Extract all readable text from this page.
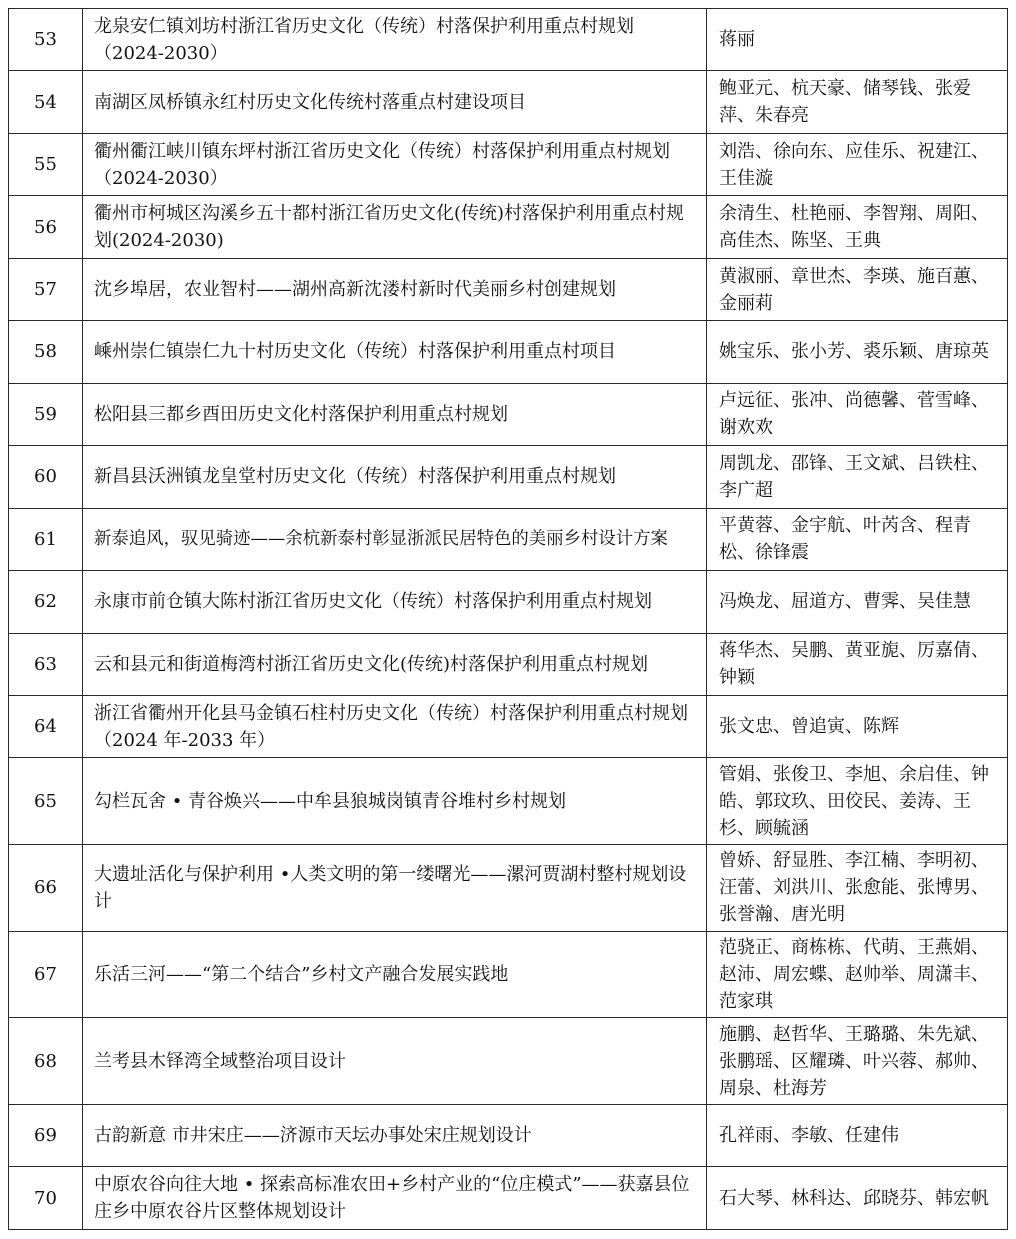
53	龙泉安仁镇刘坊村浙江省历史文化（传统）村落保护利用重点村规划（2024-2030）	蒋丽
54	南湖区凤桥镇永红村历史文化传统村落重点村建设项目	鲍亚元、杭天豪、储琴钱、张爱萍、朱春亮
55	衢州衢江峡川镇东坪村浙江省历史文化（传统）村落保护利用重点村规划（2024-2030）	刘浩、徐向东、应佳乐、祝建江、王佳漩
56	衢州市柯城区沟溪乡五十都村浙江省历史文化(传统)村落保护利用重点村规划(2024-2030)	余清生、杜艳丽、李智翔、周阳、高佳杰、陈坚、王典
57	沈乡埠居，农业智村——湖州高新沈溇村新时代美丽乡村创建规划	黄淑丽、章世杰、李瑛、施百蕙、金丽莉
58	嵊州崇仁镇崇仁九十村历史文化（传统）村落保护利用重点村项目	姚宝乐、张小芳、裘乐颖、唐琼英
59	松阳县三都乡酉田历史文化村落保护利用重点村规划	卢远征、张冲、尚德馨、菅雪峰、谢欢欢
60	新昌县沃洲镇龙皇堂村历史文化（传统）村落保护利用重点村规划	周凯龙、邵锋、王文斌、吕铁柱、李广超
61	新泰追风，驭见骑迹——余杭新泰村彰显浙派民居特色的美丽乡村设计方案	平黄蓉、金宇航、叶芮含、程青松、徐锋震
62	永康市前仓镇大陈村浙江省历史文化（传统）村落保护利用重点村规划	冯焕龙、屈道方、曹霁、吴佳慧
63	云和县元和街道梅湾村浙江省历史文化(传统)村落保护利用重点村规划	蒋华杰、吴鹏、黄亚旎、厉嘉倩、钟颖
64	浙江省衢州开化县马金镇石柱村历史文化（传统）村落保护利用重点村规划（2024 年-2033 年）	张文忠、曾追寅、陈辉
65	勾栏瓦舍 • 青谷焕兴——中牟县狼城岗镇青谷堆村乡村规划	管娟、张俊卫、李旭、余启佳、钟皓、郭玟玖、田佼民、姜涛、王杉、顾毓涵
66	大遗址活化与保护利用 •人类文明的第一缕曙光——漯河贾湖村整村规划设计	曾娇、舒显胜、李江楠、李明初、汪蕾、刘洪川、张愈能、张博男、张誉瀚、唐光明
67	乐活三河——“第二个结合”乡村文产融合发展实践地	范骁正、商栋栋、代萌、王燕娟、赵沛、周宏蝶、赵帅举、周潇丰、范家琪
68	兰考县木铎湾全域整治项目设计	施鹏、赵哲华、王璐璐、朱先斌、张鹏瑶、区耀璘、叶兴蓉、郝帅、周泉、杜海芳
69	古韵新意 市井宋庄——济源市天坛办事处宋庄规划设计	孔祥雨、李敏、任建伟
70	中原农谷向往大地 • 探索高标准农田+乡村产业的“位庄模式”——获嘉县位庄乡中原农谷片区整体规划设计	石大琴、林科达、邱晓芬、韩宏帆
